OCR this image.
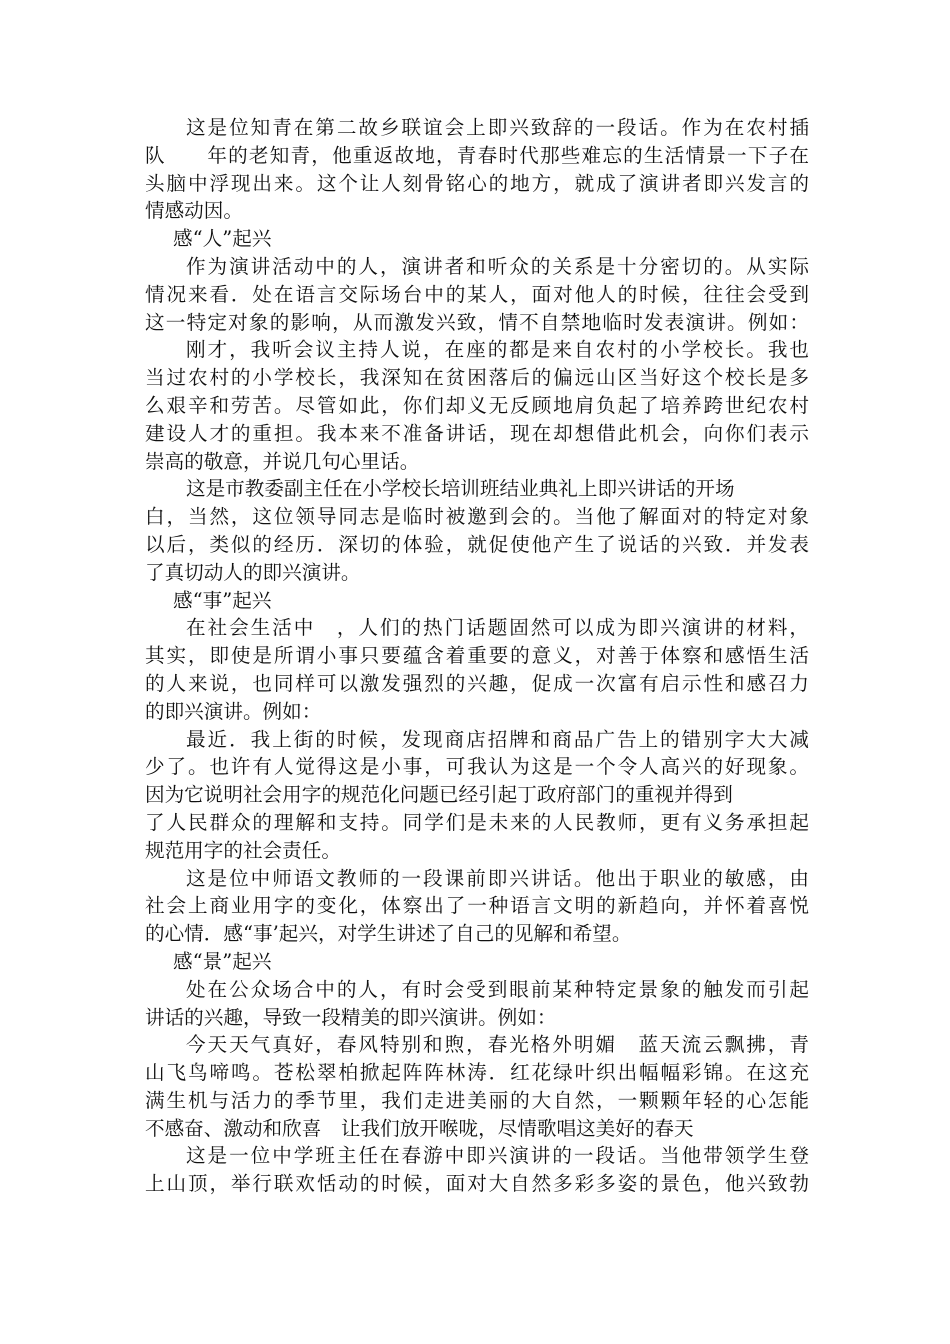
这是位知青在第二故乡联谊会上即兴致辞的一段话。作为在农村插
队　　年的老知青，他重返故地，青春时代那些难忘的生活情景一下子在
头脑中浮现出来。这个让人刻骨铭心的地方，就成了演讲者即兴发言的
情感动因。
感“人”起兴
作为演讲活动中的人，演讲者和听众的关系是十分密切的。从实际
情况来看．处在语言交际场台中的某人，面对他人的时候，往往会受到
这一特定对象的影响，从而激发兴致，情不自禁地临时发表演讲。例如：
刚才，我听会议主持人说，在座的都是来自农村的小学校长。我也
当过农村的小学校长，我深知在贫困落后的偏远山区当好这个校长是多
么艰辛和劳苦。尽管如此，你们却义无反顾地肩负起了培养跨世纪农村
建设人才的重担。我本来不准备讲话，现在却想借此机会，向你们表示
崇高的敬意，并说几句心里话。
这是市教委副主任在小学校长培训班结业典礼上即兴讲话的开场
白，当然，这位领导同志是临时被邀到会的。当他了解面对的特定对象
以后，类似的经历．深切的体验，就促使他产生了说话的兴致．并发表
了真切动人的即兴演讲。
感“事”起兴
在社会生活中　，人们的热门话题固然可以成为即兴演讲的材料，
其实，即使是所谓小事只要蕴含着重要的意义，对善于体察和感悟生活
的人来说，也同样可以激发强烈的兴趣，促成一次富有启示性和感召力
的即兴演讲。例如：
最近．我上街的时候，发现商店招牌和商品广告上的错别字大大减
少了。也许有人觉得这是小事，可我认为这是一个令人高兴的好现象。
因为它说明社会用字的规范化问题已经引起丁政府部门的重视并得到
了人民群众的理解和支持。同学们是未来的人民教师，更有义务承担起
规范用字的社会责任。
这是位中师语文教师的一段课前即兴讲话。他出于职业的敏感，由
社会上商业用字的变化，体察出了一种语言文明的新趋向，并怀着喜悦
的心情．感“事’起兴，对学生讲述了自己的见解和希望。
感“景”起兴
处在公众场合中的人，有时会受到眼前某种特定景象的触发而引起
讲话的兴趣，导致一段精美的即兴演讲。例如：
今天天气真好，春风特别和煦，春光格外明媚　蓝天流云飘拂，青
山飞鸟啼鸣。苍松翠柏掀起阵阵林涛．红花绿叶织出幅幅彩锦。在这充
满生机与活力的季节里，我们走进美丽的大自然，一颗颗年轻的心怎能
不感奋、激动和欣喜　让我们放开喉咙，尽情歌唱这美好的春天
这是一位中学班主任在春游中即兴演讲的一段话。当他带领学生登
上山顶，举行联欢恬动的时候，面对大自然多彩多姿的景色，他兴致勃
